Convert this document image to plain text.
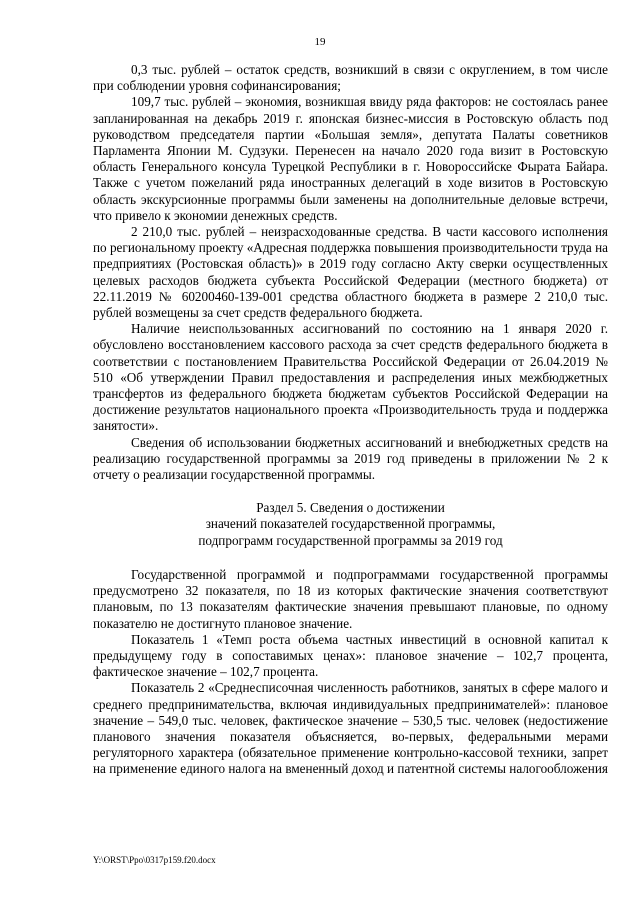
19

0,3 тыс. рублей – остаток средств, возникший в связи с округлением, в том числе при соблюдении уровня софинансирования;

109,7 тыс. рублей – экономия, возникшая ввиду ряда факторов: не состоялась ранее запланированная на декабрь 2019 г. японская бизнес-миссия в Ростовскую область под руководством председателя партии «Большая земля», депутата Палаты советников Парламента Японии М. Судзуки. Перенесен на начало 2020 года визит в Ростовскую область Генерального консула Турецкой Республики в г. Новороссийске Фырата Байара. Также с учетом пожеланий ряда иностранных делегаций в ходе визитов в Ростовскую область экскурсионные программы были заменены на дополнительные деловые встречи, что привело к экономии денежных средств.

2 210,0 тыс. рублей – неизрасходованные средства. В части кассового исполнения по региональному проекту «Адресная поддержка повышения производительности труда на предприятиях (Ростовская область)» в 2019 году согласно Акту сверки осуществленных целевых расходов бюджета субъекта Российской Федерации (местного бюджета) от 22.11.2019 № 60200460-139-001 средства областного бюджета в размере 2 210,0 тыс. рублей возмещены за счет средств федерального бюджета.

Наличие неиспользованных ассигнований по состоянию на 1 января 2020 г. обусловлено восстановлением кассового расхода за счет средств федерального бюджета в соответствии с постановлением Правительства Российской Федерации от 26.04.2019 № 510 «Об утверждении Правил предоставления и распределения иных межбюджетных трансфертов из федерального бюджета бюджетам субъектов Российской Федерации на достижение результатов национального проекта «Производительность труда и поддержка занятости».

Сведения об использовании бюджетных ассигнований и внебюджетных средств на реализацию государственной программы за 2019 год приведены в приложении № 2 к отчету о реализации государственной программы.

Раздел 5. Сведения о достижении
значений показателей государственной программы,
подпрограмм государственной программы за 2019 год

Государственной программой и подпрограммами государственной программы предусмотрено 32 показателя, по 18 из которых фактические значения соответствуют плановым, по 13 показателям фактические значения превышают плановые, по одному показателю не достигнуто плановое значение.

Показатель 1 «Темп роста объема частных инвестиций в основной капитал к предыдущему году в сопоставимых ценах»: плановое значение – 102,7 процента, фактическое значение – 102,7 процента.

Показатель 2 «Среднесписочная численность работников, занятых в сфере малого и среднего предпринимательства, включая индивидуальных предпринимателей»: плановое значение – 549,0 тыс. человек, фактическое значение – 530,5 тыс. человек (недостижение планового значения показателя объясняется, во-первых, федеральными мерами регуляторного характера (обязательное применение контрольно-кассовой техники, запрет на применение единого налога на вмененный доход и патентной системы налогообложения

Y:\ORST\Ppo\0317p159.f20.docx
